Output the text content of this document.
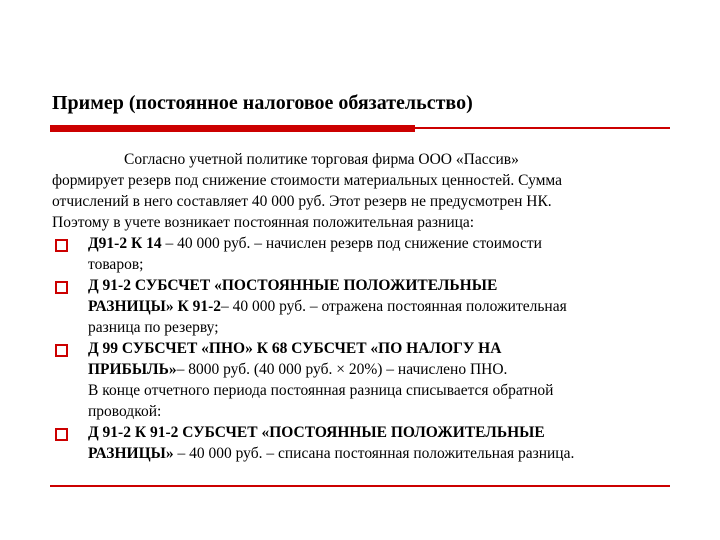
Пример (постоянное налоговое обязательство)

Согласно учетной политике торговая фирма ООО «Пассив»
формирует резерв под снижение стоимости материальных ценностей. Сумма
отчислений в него составляет 40 000 руб. Этот резерв не предусмотрен НК.
Поэтому в учете возникает постоянная положительная разница:

Д91-2 К 14 – 40 000 руб. – начислен резерв под снижение стоимости
товаров;
Д 91-2 СУБСЧЕТ «ПОСТОЯННЫЕ ПОЛОЖИТЕЛЬНЫЕ
РАЗНИЦЫ» К 91-2– 40 000 руб. – отражена постоянная положительная
разница по резерву;
Д 99 СУБСЧЕТ «ПНО» К 68 СУБСЧЕТ «ПО НАЛОГУ НА
ПРИБЫЛЬ»– 8000 руб. (40 000 руб. × 20%) – начислено ПНО.
В конце отчетного периода постоянная разница списывается обратной
проводкой:
Д 91-2 К 91-2 СУБСЧЕТ «ПОСТОЯННЫЕ ПОЛОЖИТЕЛЬНЫЕ
РАЗНИЦЫ» – 40 000 руб. – списана постоянная положительная разница.
